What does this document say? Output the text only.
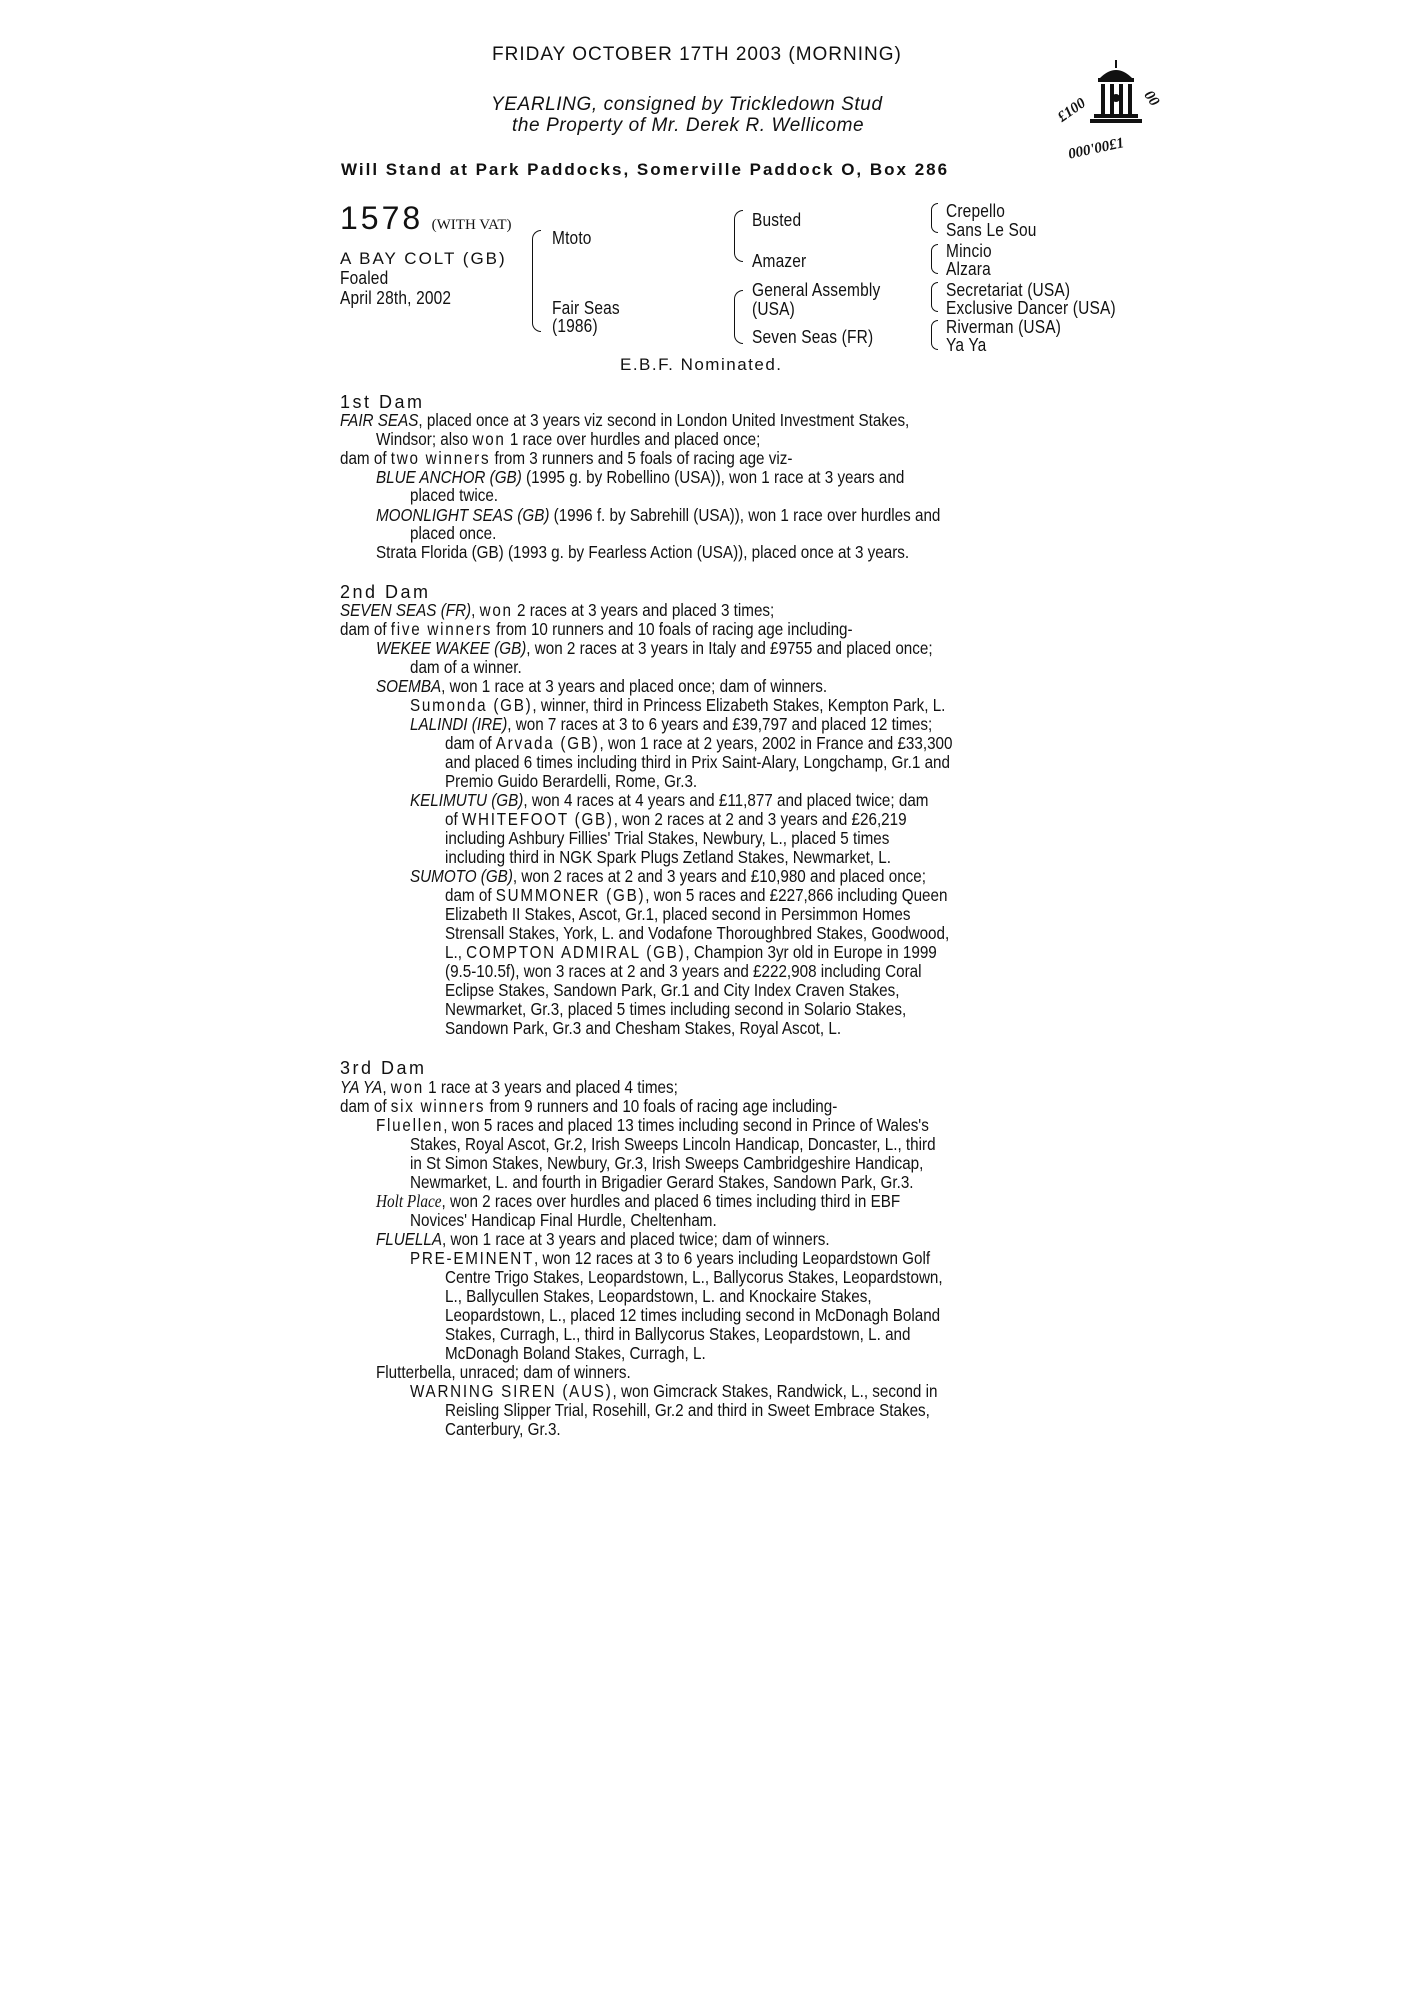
FRIDAY OCTOBER 17TH 2003 (MORNING)
YEARLING, consigned by Trickledown Stud
the Property of Mr. Derek R. Wellicome	£100	00
000'00£1
Will Stand at Park Paddocks, Somerville Paddock O, Box 286
1578 (WITH VAT)
A BAY COLT (GB)
Foaled
April 28th, 2002
Mtoto
Fair Seas
(1986)
Busted
Amazer
General Assembly
(USA)
Seven Seas (FR)
Crepello
Sans Le Sou
Mincio
Alzara
Secretariat (USA)
Exclusive Dancer (USA)
Riverman (USA)
Ya Ya
E.B.F. Nominated.
1st Dam
FAIR SEAS, placed once at 3 years viz second in London United Investment Stakes,
Windsor; also won 1 race over hurdles and placed once;
dam of two winners from 3 runners and 5 foals of racing age viz-
BLUE ANCHOR (GB) (1995 g. by Robellino (USA)), won 1 race at 3 years and
placed twice.
MOONLIGHT SEAS (GB) (1996 f. by Sabrehill (USA)), won 1 race over hurdles and
placed once.
Strata Florida (GB) (1993 g. by Fearless Action (USA)), placed once at 3 years.
2nd Dam
SEVEN SEAS (FR), won 2 races at 3 years and placed 3 times;
dam of five winners from 10 runners and 10 foals of racing age including-
WEKEE WAKEE (GB), won 2 races at 3 years in Italy and £9755 and placed once;
dam of a winner.
SOEMBA, won 1 race at 3 years and placed once; dam of winners.
Sumonda (GB), winner, third in Princess Elizabeth Stakes, Kempton Park, L.
LALINDI (IRE), won 7 races at 3 to 6 years and £39,797 and placed 12 times;
dam of Arvada (GB), won 1 race at 2 years, 2002 in France and £33,300
and placed 6 times including third in Prix Saint-Alary, Longchamp, Gr.1 and
Premio Guido Berardelli, Rome, Gr.3.
KELIMUTU (GB), won 4 races at 4 years and £11,877 and placed twice; dam
of WHITEFOOT (GB), won 2 races at 2 and 3 years and £26,219
including Ashbury Fillies' Trial Stakes, Newbury, L., placed 5 times
including third in NGK Spark Plugs Zetland Stakes, Newmarket, L.
SUMOTO (GB), won 2 races at 2 and 3 years and £10,980 and placed once;
dam of SUMMONER (GB), won 5 races and £227,866 including Queen
Elizabeth II Stakes, Ascot, Gr.1, placed second in Persimmon Homes
Strensall Stakes, York, L. and Vodafone Thoroughbred Stakes, Goodwood,
L., COMPTON ADMIRAL (GB), Champion 3yr old in Europe in 1999
(9.5-10.5f), won 3 races at 2 and 3 years and £222,908 including Coral
Eclipse Stakes, Sandown Park, Gr.1 and City Index Craven Stakes,
Newmarket, Gr.3, placed 5 times including second in Solario Stakes,
Sandown Park, Gr.3 and Chesham Stakes, Royal Ascot, L.
3rd Dam
YA YA, won 1 race at 3 years and placed 4 times;
dam of six winners from 9 runners and 10 foals of racing age including-
Fluellen, won 5 races and placed 13 times including second in Prince of Wales's
Stakes, Royal Ascot, Gr.2, Irish Sweeps Lincoln Handicap, Doncaster, L., third
in St Simon Stakes, Newbury, Gr.3, Irish Sweeps Cambridgeshire Handicap,
Newmarket, L. and fourth in Brigadier Gerard Stakes, Sandown Park, Gr.3.
Holt Place, won 2 races over hurdles and placed 6 times including third in EBF
Novices' Handicap Final Hurdle, Cheltenham.
FLUELLA, won 1 race at 3 years and placed twice; dam of winners.
PRE-EMINENT, won 12 races at 3 to 6 years including Leopardstown Golf
Centre Trigo Stakes, Leopardstown, L., Ballycorus Stakes, Leopardstown,
L., Ballycullen Stakes, Leopardstown, L. and Knockaire Stakes,
Leopardstown, L., placed 12 times including second in McDonagh Boland
Stakes, Curragh, L., third in Ballycorus Stakes, Leopardstown, L. and
McDonagh Boland Stakes, Curragh, L.
Flutterbella, unraced; dam of winners.
WARNING SIREN (AUS), won Gimcrack Stakes, Randwick, L., second in
Reisling Slipper Trial, Rosehill, Gr.2 and third in Sweet Embrace Stakes,
Canterbury, Gr.3.
